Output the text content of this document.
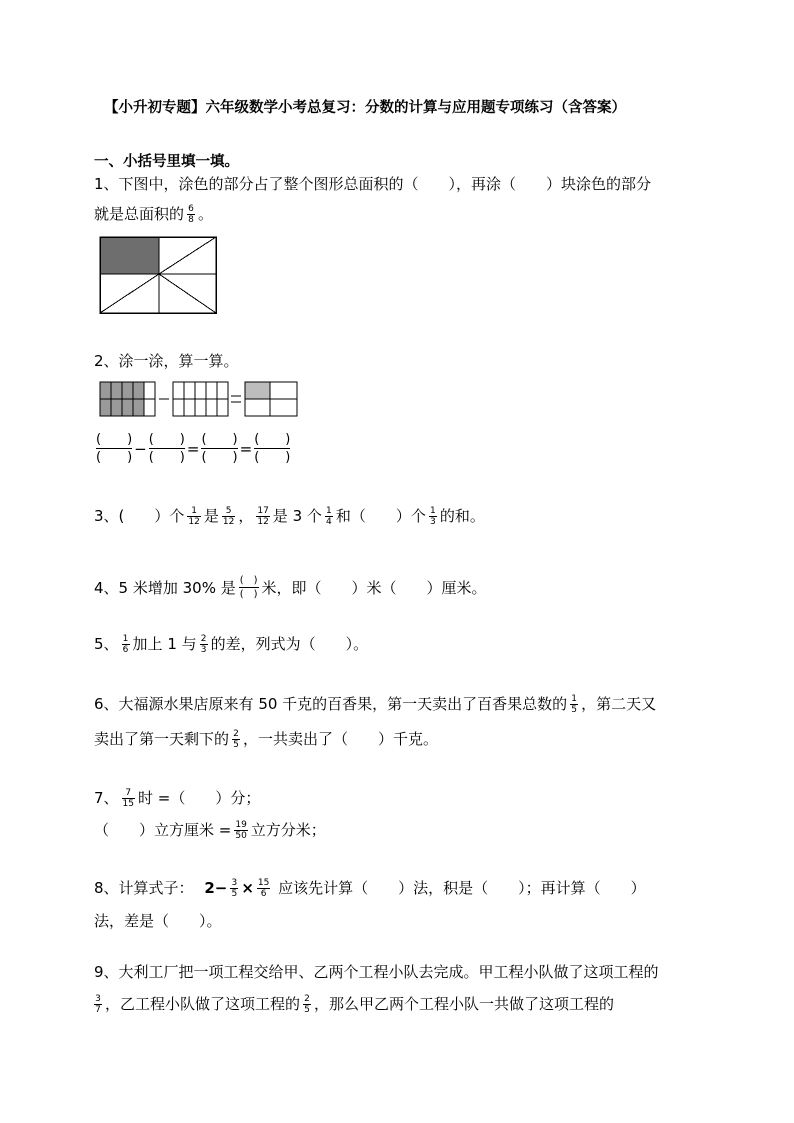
【小升初专题】六年级数学小考总复习：分数的计算与应用题专项练习（含答案）
一、小括号里填一填。
1、下图中，涂色的部分占了整个图形总面积的（　　），再涂（　　）块涂色的部分
就是总面积的 $\frac{6}{8}$ 。
2、涂一涂，算一算。
(　　)
(　　) − (　　)
(　　) = (　　)
(　　) = (　　)
(　　)
3、(　　）个 $\frac{1}{12}$ 是 $\frac{5}{12}$ ， $\frac{17}{12}$ 是 3 个 $\frac{1}{4}$ 和（　　）个 $\frac{1}{3}$ 的和。
4、5 米增加 30% 是 $\frac{( )}{( )}$ 米，即（　　）米（　　）厘米。
5、 $\frac{1}{6}$ 加上 1 与 $\frac{2}{3}$ 的差，列式为（　　）。
6、大福源水果店原来有 50 千克的百香果，第一天卖出了百香果总数的 $\frac{1}{5}$ ，第二天又
卖出了第一天剩下的 $\frac{2}{5}$ ，一共卖出了（　　）千克。
7、 $\frac{7}{15}$ 时 =（　　）分；
（　　）立方厘米 = $\frac{19}{50}$ 立方分米；
8、计算式子： $2- \frac{3}{5} \times \frac{15}{6}$ 应该先计算（　　）法，积是（　　）；再计算（　　）
法，差是（　　）。
9、大利工厂把一项工程交给甲、乙两个工程小队去完成。甲工程小队做了这项工程的
$\frac{3}{7}$ ，乙工程小队做了这项工程的 $\frac{2}{5}$ ，那么甲乙两个工程小队一共做了这项工程的
